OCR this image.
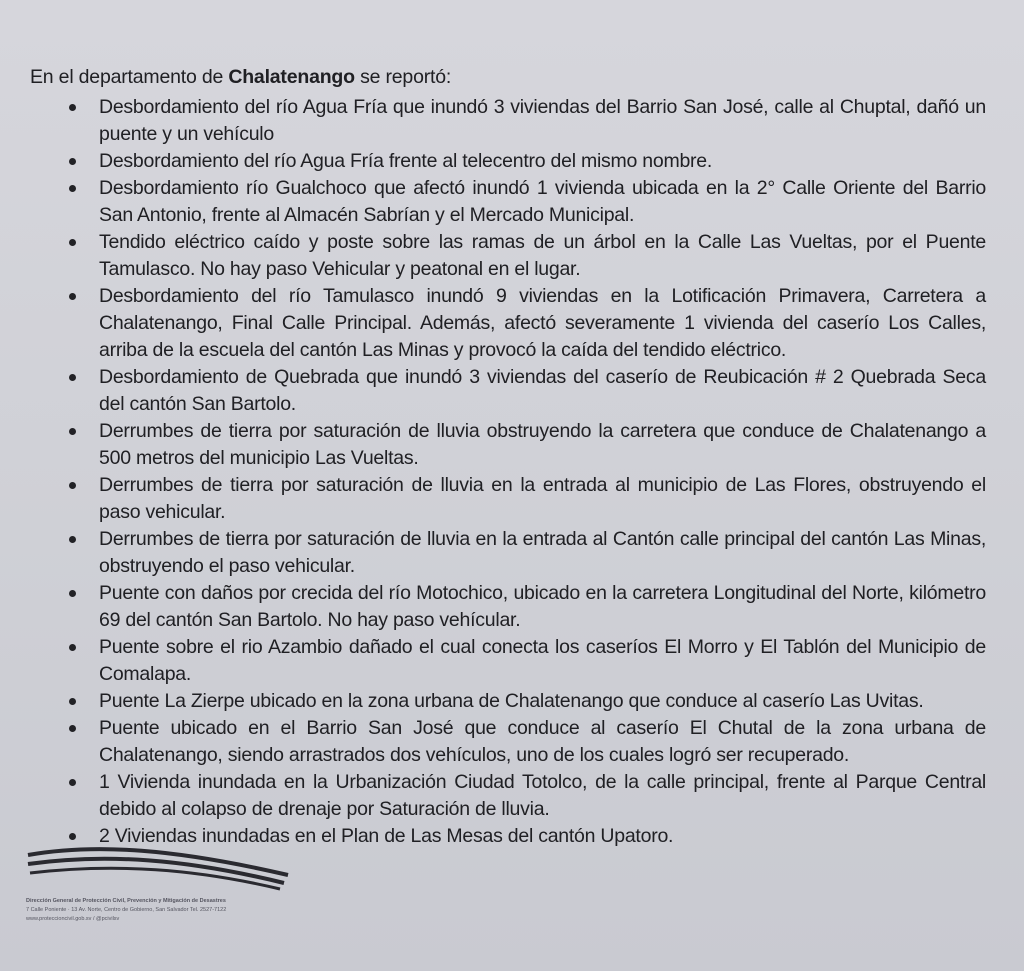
En el departamento de Chalatenango se reportó:
Desbordamiento del río Agua Fría que inundó 3 viviendas del Barrio San José, calle al Chuptal, dañó un puente y un vehículo
Desbordamiento del río Agua Fría frente al telecentro del mismo nombre.
Desbordamiento río Gualchoco que afectó inundó 1 vivienda ubicada en la 2° Calle Oriente del Barrio San Antonio, frente al Almacén Sabrían y el Mercado Municipal.
Tendido eléctrico caído y poste sobre las ramas de un árbol en la Calle Las Vueltas, por el Puente Tamulasco. No hay paso Vehicular y peatonal en el lugar.
Desbordamiento del río Tamulasco inundó 9 viviendas en la Lotificación Primavera, Carretera a Chalatenango, Final Calle Principal. Además, afectó severamente 1 vivienda del caserío Los Calles, arriba de la escuela del cantón Las Minas y provocó la caída del tendido eléctrico.
Desbordamiento de Quebrada que inundó 3 viviendas del caserío de Reubicación # 2 Quebrada Seca del cantón San Bartolo.
Derrumbes de tierra por saturación de lluvia obstruyendo la carretera que conduce de Chalatenango a 500 metros del municipio Las Vueltas.
Derrumbes de tierra por saturación de lluvia en la entrada al municipio de Las Flores, obstruyendo el paso vehicular.
Derrumbes de tierra por saturación de lluvia en la entrada al Cantón calle principal del cantón Las Minas, obstruyendo el paso vehicular.
Puente con daños por crecida del río Motochico, ubicado en la carretera Longitudinal del Norte, kilómetro 69 del cantón San Bartolo. No hay paso vehícular.
Puente sobre el rio Azambio dañado el cual conecta los caseríos El Morro y El Tablón del Municipio de Comalapa.
Puente La Zierpe ubicado en la zona urbana de Chalatenango que conduce al caserío Las Uvitas.
Puente ubicado en el Barrio San José que conduce al caserío El Chutal de la zona urbana de Chalatenango, siendo arrastrados dos vehículos, uno de los cuales logró ser recuperado.
1 Vivienda inundada en la Urbanización Ciudad Totolco, de la calle principal, frente al Parque Central debido al colapso de drenaje por Saturación de lluvia.
2 Viviendas inundadas en el Plan de Las Mesas del cantón Upatoro.
Dirección General de Protección Civil, Prevención y Mitigación de Desastres
7 Calle Poniente · 13 Av. Norte, Centro de Gobierno, San Salvador Tel. 2527-7122
www.proteccioncivil.gob.sv / @pcivilsv
